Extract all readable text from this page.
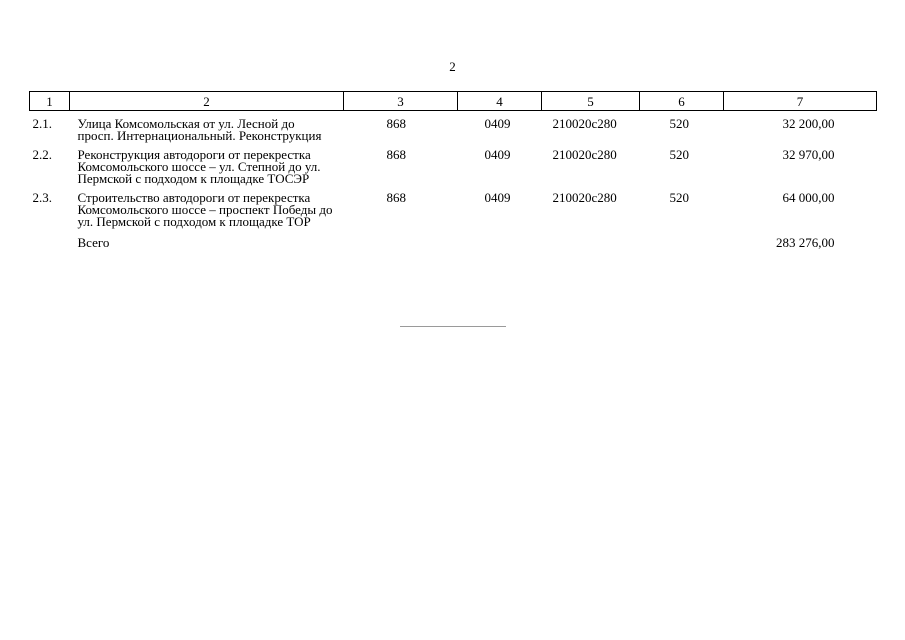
2
1	2	3	4	5	6	7
2.1.	Улица Комсомольская от ул. Лесной до просп. Интернациональный. Реконструкция	868	0409	210020с280	520	32 200,00
2.2.	Реконструкция автодороги от перекрестка Комсомольского шоссе – ул. Степной до ул. Пермской с подходом к площадке ТОСЭР	868	0409	210020с280	520	32 970,00
2.3.	Строительство автодороги от перекрестка Комсомольского шоссе – проспект Победы до ул. Пермской с подходом к площадке ТОР	868	0409	210020с280	520	64 000,00
	Всего					283 276,00
